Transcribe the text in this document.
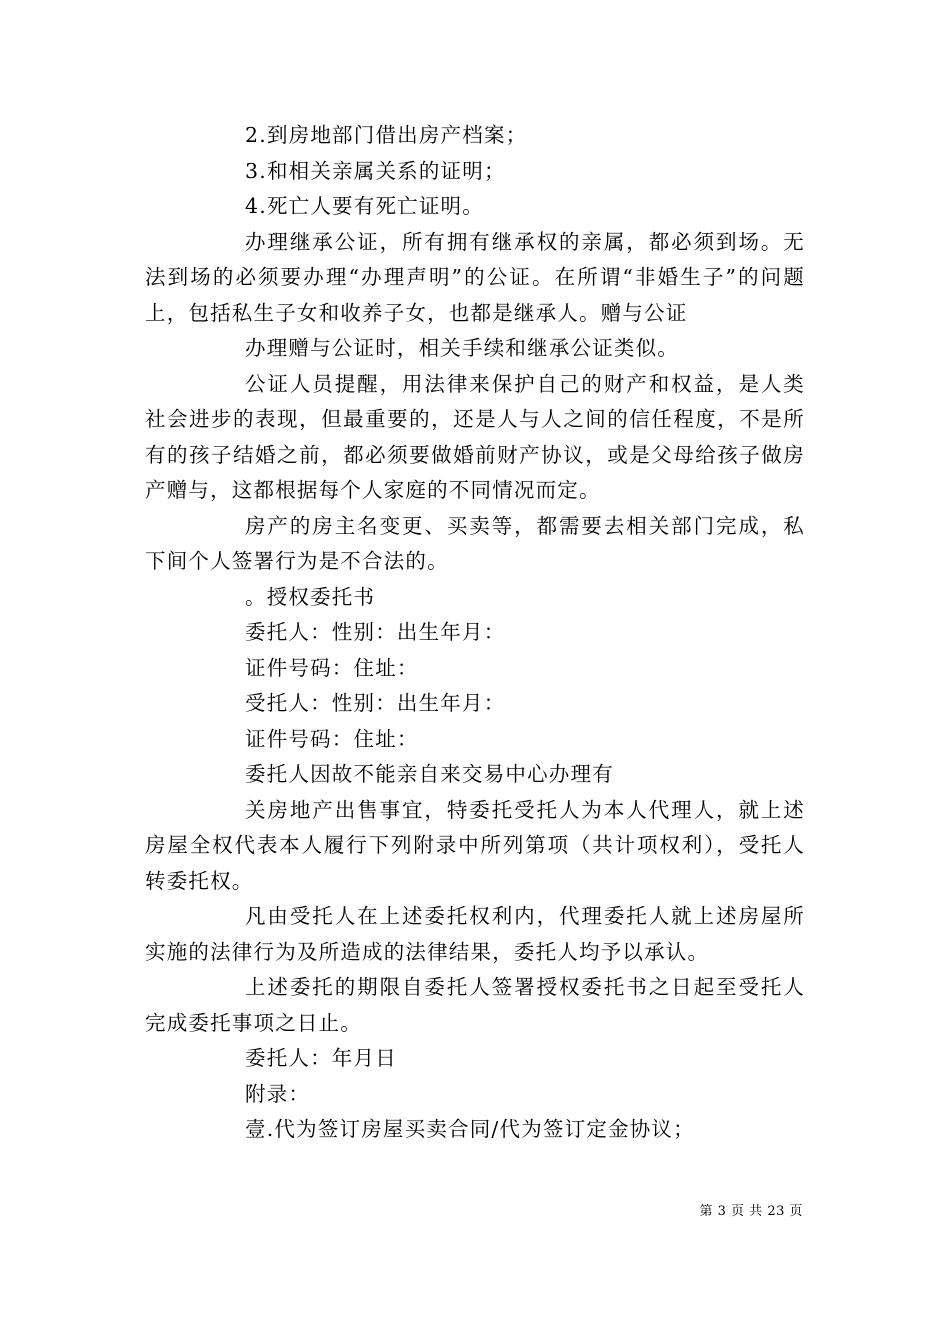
2.到房地部门借出房产档案；

3.和相关亲属关系的证明；

4.死亡人要有死亡证明。

办理继承公证，所有拥有继承权的亲属，都必须到场。无法到场的必须要办理“办理声明”的公证。在所谓“非婚生子”的问题上，包括私生子女和收养子女，也都是继承人。赠与公证

办理赠与公证时，相关手续和继承公证类似。

公证人员提醒，用法律来保护自己的财产和权益，是人类社会进步的表现，但最重要的，还是人与人之间的信任程度，不是所有的孩子结婚之前，都必须要做婚前财产协议，或是父母给孩子做房产赠与，这都根据每个人家庭的不同情况而定。

房产的房主名变更、买卖等，都需要去相关部门完成，私下间个人签署行为是不合法的。

。授权委托书

委托人：性别：出生年月：

证件号码：住址：

受托人：性别：出生年月：

证件号码：住址：

委托人因故不能亲自来交易中心办理有

关房地产出售事宜，特委托受托人为本人代理人，就上述房屋全权代表本人履行下列附录中所列第项（共计项权利），受托人转委托权。

凡由受托人在上述委托权利内，代理委托人就上述房屋所实施的法律行为及所造成的法律结果，委托人均予以承认。

上述委托的期限自委托人签署授权委托书之日起至受托人完成委托事项之日止。

委托人：年月日

附录：

壹.代为签订房屋买卖合同/代为签订定金协议；

第 3 页 共 23 页
